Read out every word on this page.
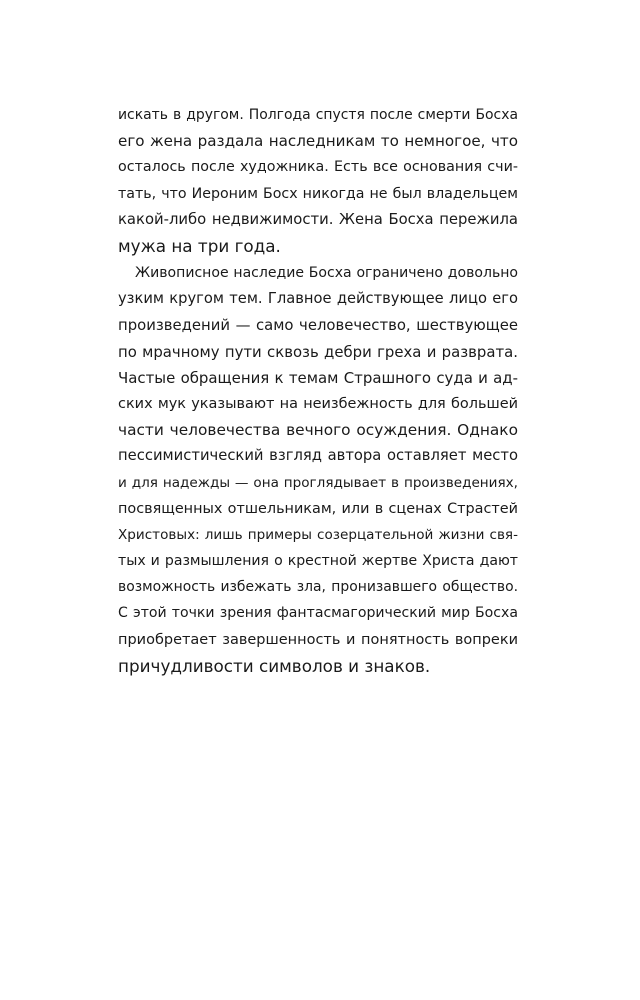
искать в другом. Полгода спустя после смерти Босха
его жена раздала наследникам то немногое, что
осталось после художника. Есть все основания счи-
тать, что Иероним Босх никогда не был владельцем
какой-либо недвижимости. Жена Босха пережила
мужа на три года.
Живописное наследие Босха ограничено довольно
узким кругом тем. Главное действующее лицо его
произведений — само человечество, шествующее
по мрачному пути сквозь дебри греха и разврата.
Частые обращения к темам Страшного суда и ад-
ских мук указывают на неизбежность для большей
части человечества вечного осуждения. Однако
пессимистический взгляд автора оставляет место
и для надежды — она проглядывает в произведениях,
посвященных отшельникам, или в сценах Страстей
Христовых: лишь примеры созерцательной жизни свя-
тых и размышления о крестной жертве Христа дают
возможность избежать зла, пронизавшего общество.
С этой точки зрения фантасмагорический мир Босха
приобретает завершенность и понятность вопреки
причудливости символов и знаков.
